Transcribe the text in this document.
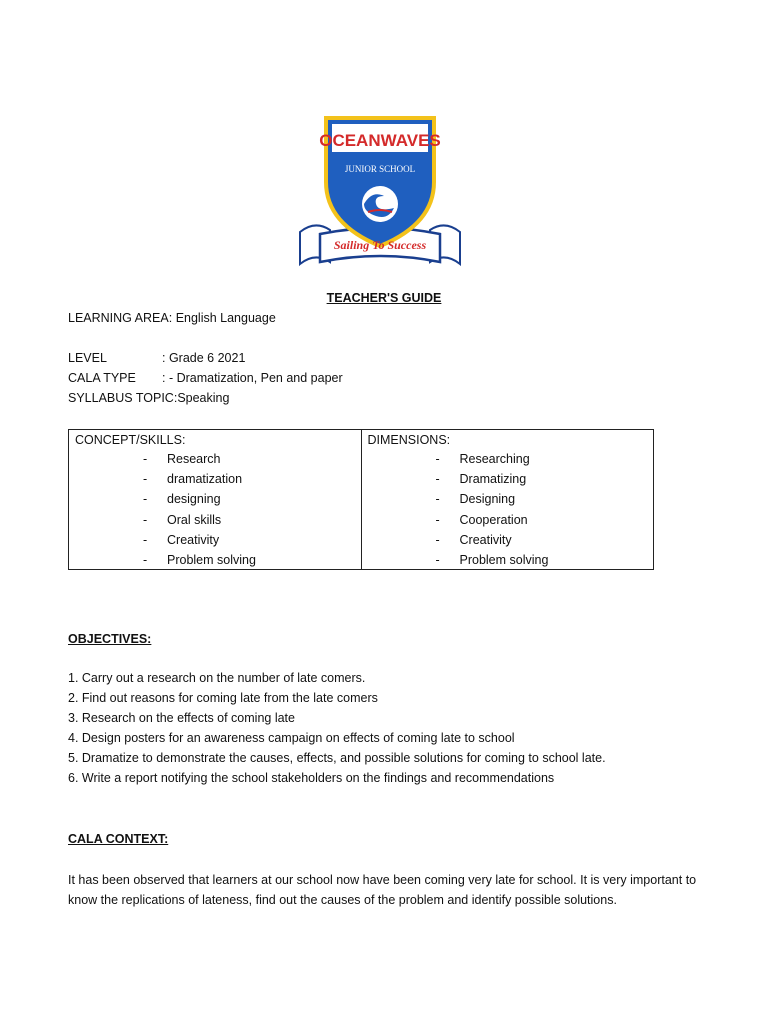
OCEANWAVES
JUNIOR SCHOOL
Sailing To Success
TEACHER'S GUIDE
LEARNING AREA: English Language
LEVEL	: Grade 6 2021
CALA TYPE : - Dramatization, Pen and paper
SYLLABUS TOPIC:Speaking
CONCEPT/SKILLS:
- Research
- dramatization
- designing
- Oral skills
- Creativity
- Problem solving
DIMENSIONS:
- Researching
- Dramatizing
- Designing
- Cooperation
- Creativity
- Problem solving
OBJECTIVES:
1. Carry out a research on the number of late comers.
2. Find out reasons for coming late from the late comers
3. Research on the effects of coming late
4. Design posters for an awareness campaign on effects of coming late to school
5. Dramatize to demonstrate the causes, effects, and possible solutions for coming to school late.
6. Write a report notifying the school stakeholders on the findings and recommendations
CALA CONTEXT:
It has been observed that learners at our school now have been coming very late for school. It is very important to know the replications of lateness, find out the causes of the problem and identify possible solutions.
